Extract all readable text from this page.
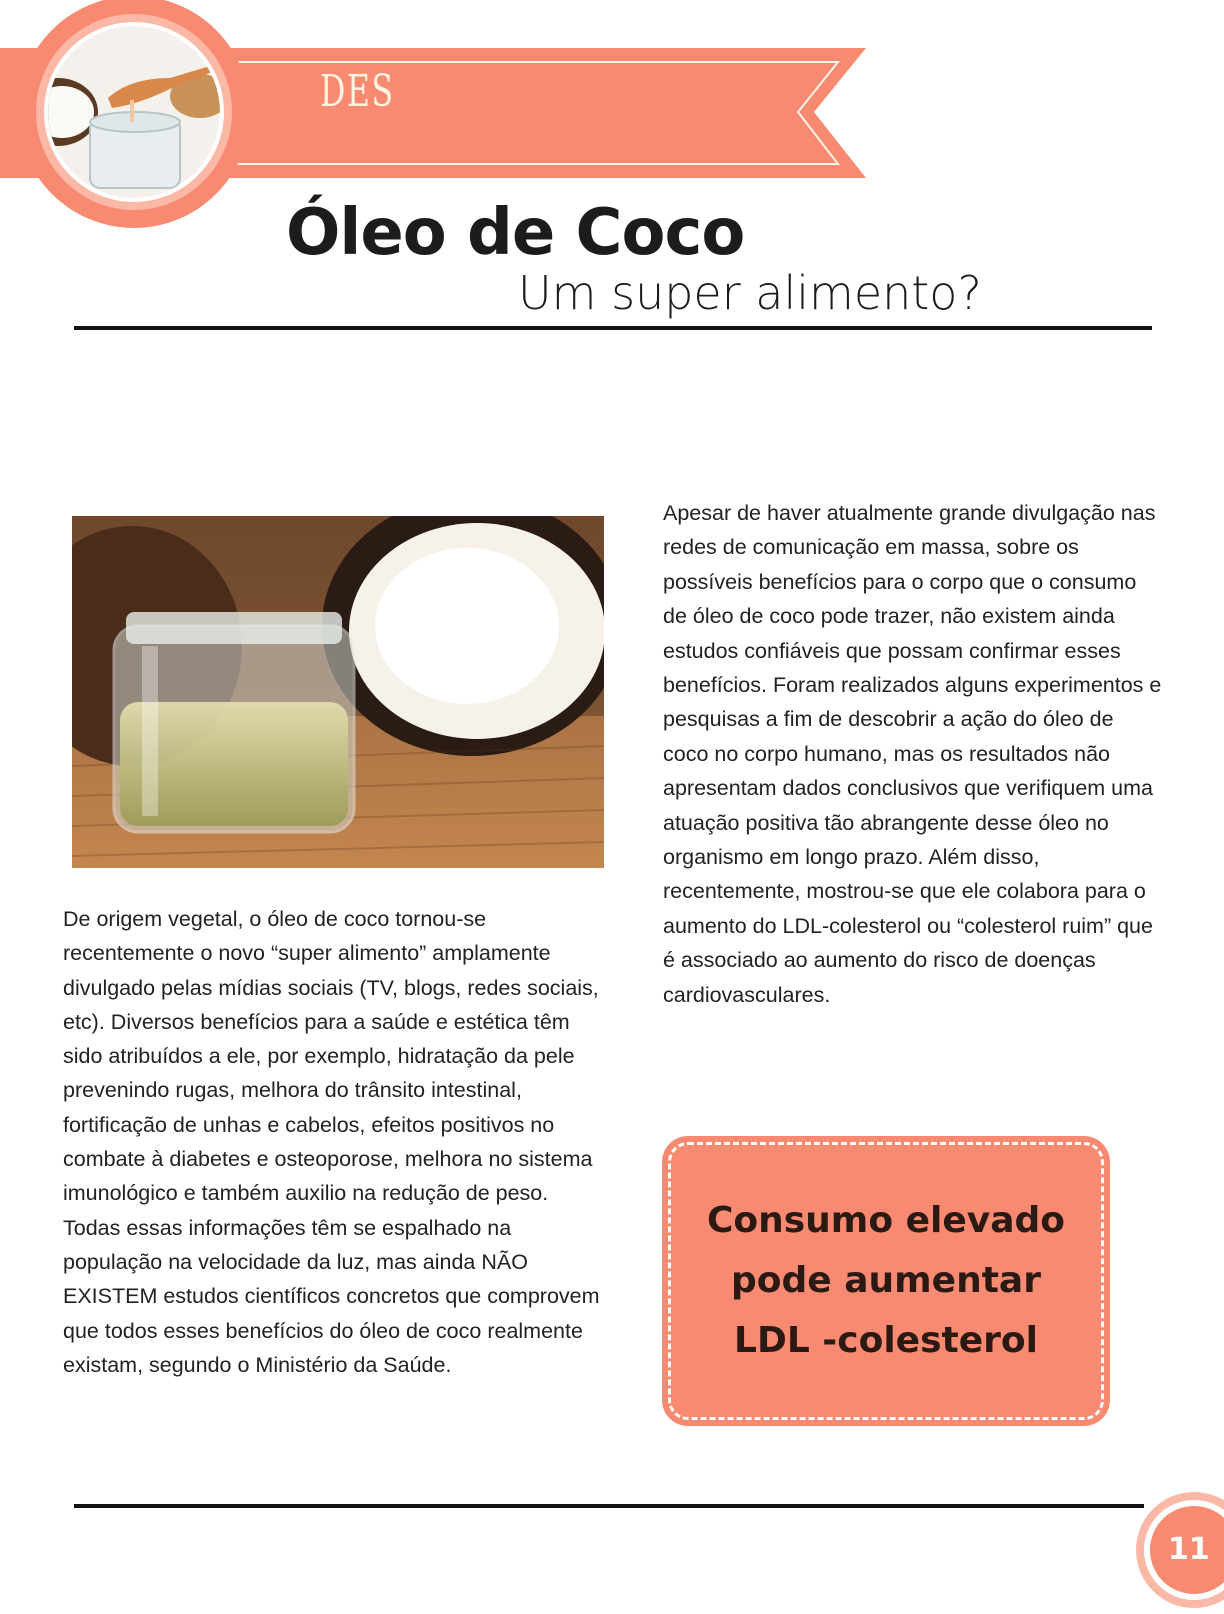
DES
Óleo de Coco
Um super alimento?
De origem vegetal, o óleo de coco tornou-se recentemente o novo “super alimento” amplamente divulgado pelas mídias sociais (TV, blogs, redes sociais, etc). Diversos benefícios para a saúde e estética têm sido atribuídos a ele, por exemplo, hidratação da pele prevenindo rugas, melhora do trânsito intestinal, fortificação de unhas e cabelos, efeitos positivos no combate à diabetes e osteoporose, melhora no sistema imunológico e também auxilio na redução de peso. Todas essas informações têm se espalhado na população na velocidade da luz, mas ainda NÃO EXISTEM estudos científicos concretos que comprovem que todos esses benefícios do óleo de coco realmente existam, segundo o Ministério da Saúde.
Apesar de haver atualmente grande divulgação nas redes de comunicação em massa, sobre os possíveis benefícios para o corpo que o consumo de óleo de coco pode trazer, não existem ainda estudos confiáveis que possam confirmar esses benefícios. Foram realizados alguns experimentos e pesquisas a fim de descobrir a ação do óleo de coco no corpo humano, mas os resultados não apresentam dados conclusivos que verifiquem uma atuação positiva tão abrangente desse óleo no organismo em longo prazo. Além disso, recentemente, mostrou-se que ele colabora para o aumento do LDL-colesterol ou “colesterol ruim” que é associado ao aumento do risco de doenças cardiovasculares.
Consumo elevado
pode aumentar
LDL -colesterol
11
